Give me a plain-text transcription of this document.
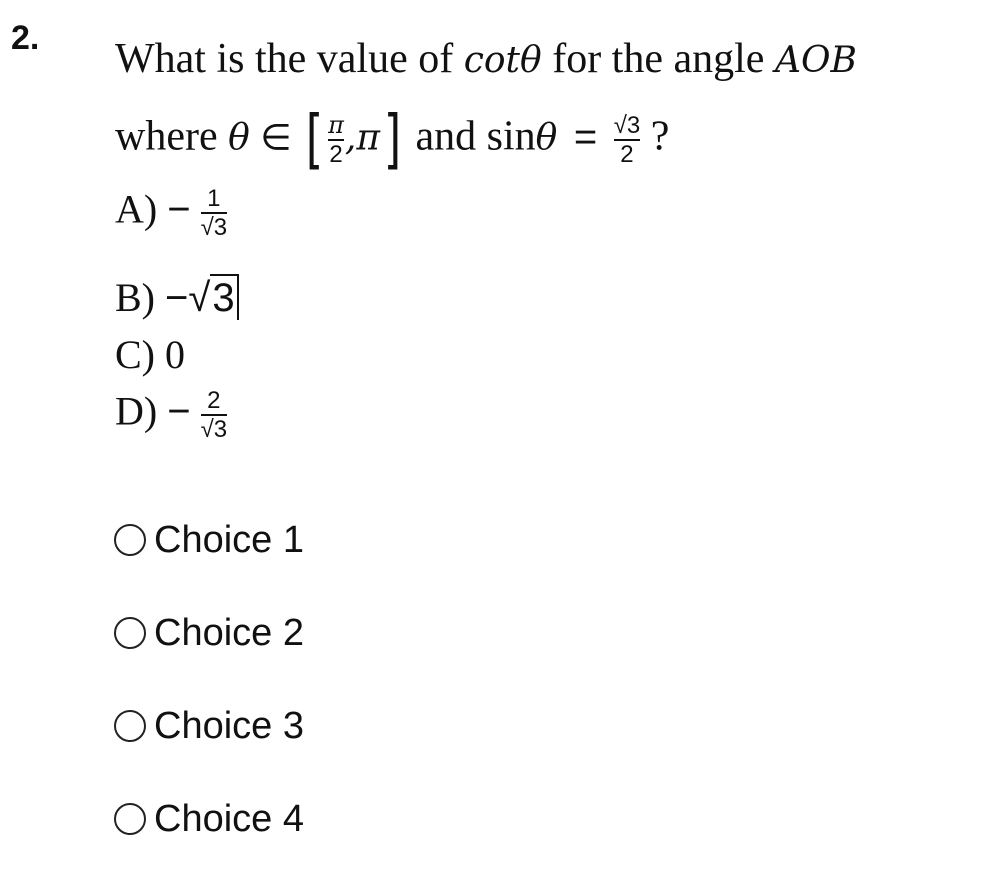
2. What is the value of cotθ for the angle AOB
where θ ∈ [ $\frac{\pi}{2} ,\pi$] and $\sin\theta = \frac{√3}{2}$ ?
$A) - \frac{1}{√3}$
B) −√3
C) 0
$D) - \frac{2}{√3}$
Choice 1
Choice 2
Choice 3
Choice 4
